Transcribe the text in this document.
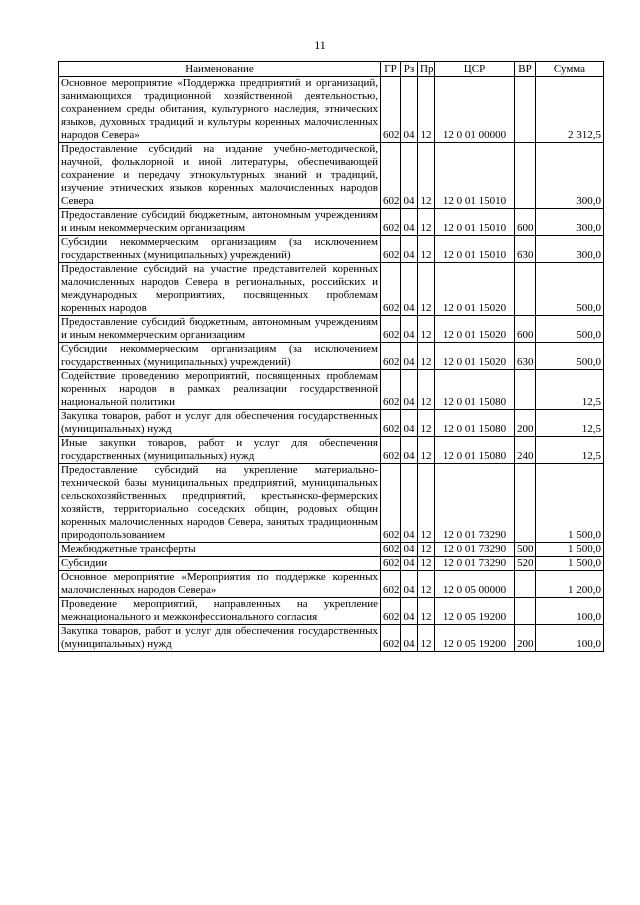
11
Наименование	ГР	Рз	Пр	ЦСР	ВР	Сумма
Основное мероприятие «Поддержка предприятий и организаций, занимающихся традиционной хозяйственной деятельностью, сохранением среды обитания, культурного наследия, этнических языков, духовных традиций и культуры коренных малочисленных народов Севера»	602	04	12	12 0 01 00000		2 312,5
Предоставление субсидий на издание учебно-методической, научной, фольклорной и иной литературы, обеспечивающей сохранение и передачу этнокультурных знаний и традиций, изучение этнических языков коренных малочисленных народов Севера	602	04	12	12 0 01 15010		300,0
Предоставление субсидий бюджетным, автономным учреждениям и иным некоммерческим организациям	602	04	12	12 0 01 15010	600	300,0
Субсидии некоммерческим организациям (за исключением государственных (муниципальных) учреждений)	602	04	12	12 0 01 15010	630	300,0
Предоставление субсидий на участие представителей коренных малочисленных народов Севера в региональных, российских и международных мероприятиях, посвященных проблемам коренных народов	602	04	12	12 0 01 15020		500,0
Предоставление субсидий бюджетным, автономным учреждениям и иным некоммерческим организациям	602	04	12	12 0 01 15020	600	500,0
Субсидии некоммерческим организациям (за исключением государственных (муниципальных) учреждений)	602	04	12	12 0 01 15020	630	500,0
Содействие проведению мероприятий, посвященных проблемам коренных народов в рамках реализации государственной национальной политики	602	04	12	12 0 01 15080		12,5
Закупка товаров, работ и услуг для обеспечения государственных (муниципальных) нужд	602	04	12	12 0 01 15080	200	12,5
Иные закупки товаров, работ и услуг для обеспечения государственных (муниципальных) нужд	602	04	12	12 0 01 15080	240	12,5
Предоставление субсидий на укрепление материально-технической базы муниципальных предприятий, муниципальных сельскохозяйственных предприятий, крестьянско-фермерских хозяйств, территориально соседских общин, родовых общин коренных малочисленных народов Севера, занятых традиционным природопользованием	602	04	12	12 0 01 73290		1 500,0
Межбюджетные трансферты	602	04	12	12 0 01 73290	500	1 500,0
Субсидии	602	04	12	12 0 01 73290	520	1 500,0
Основное мероприятие «Мероприятия по поддержке коренных малочисленных народов Севера»	602	04	12	12 0 05 00000		1 200,0
Проведение мероприятий, направленных на укрепление межнационального и межконфессионального согласия	602	04	12	12 0 05 19200		100,0
Закупка товаров, работ и услуг для обеспечения государственных (муниципальных) нужд	602	04	12	12 0 05 19200	200	100,0
